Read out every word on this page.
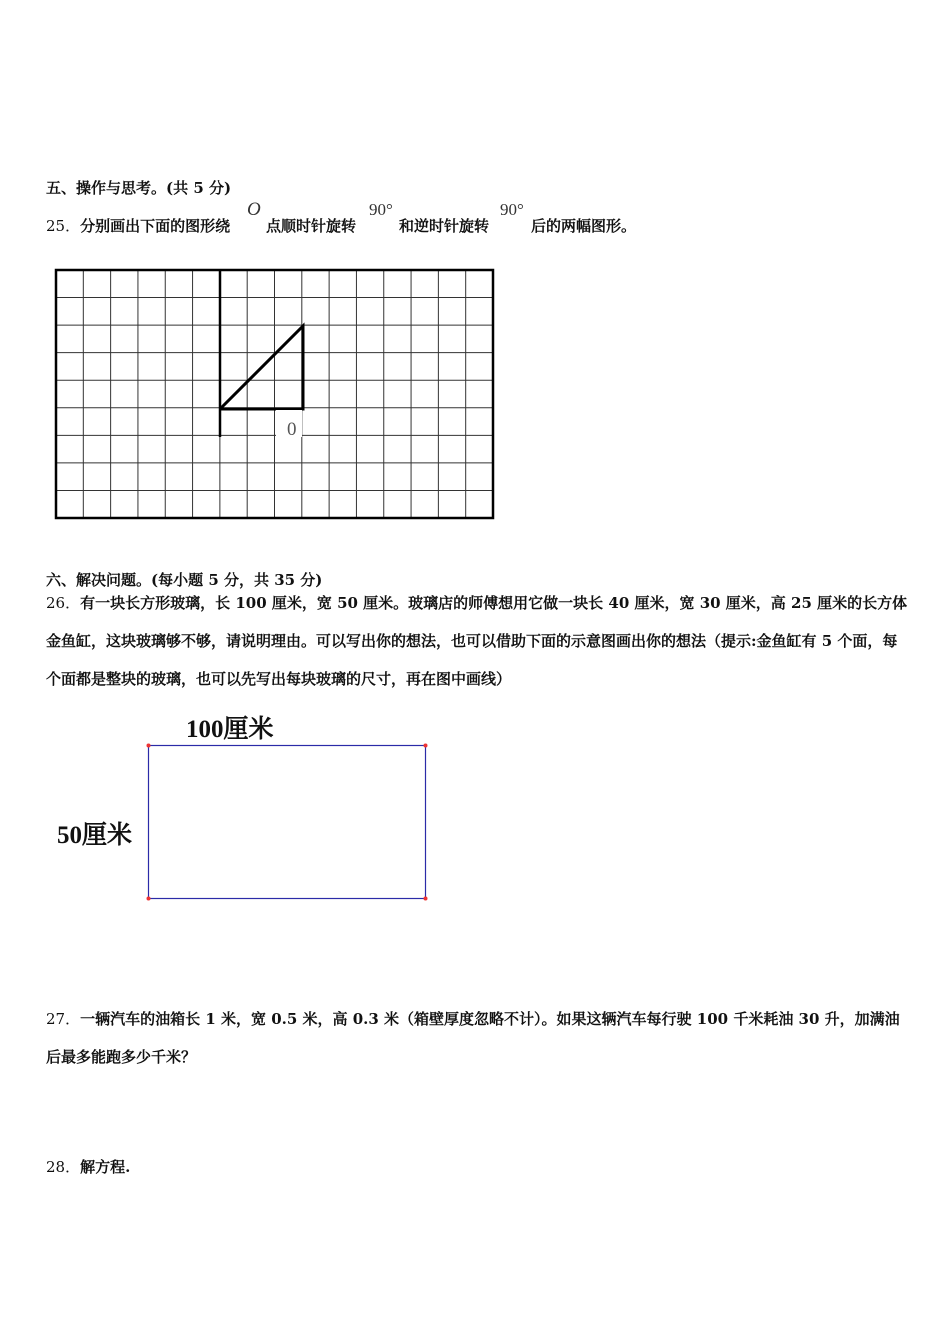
五、操作与思考。(共 5 分)
25．分别画出下面的图形绕
O
点顺时针旋转
90°
和逆时针旋转
90°
后的两幅图形。
0
六、解决问题。(每小题 5 分，共 35 分)
26．有一块长方形玻璃，长 100 厘米，宽 50 厘米。玻璃店的师傅想用它做一块长 40 厘米，宽 30 厘米，高 25 厘米的长方体金鱼缸，这块玻璃够不够，请说明理由。可以写出你的想法，也可以借助下面的示意图画出你的想法（提示:金鱼缸有 5 个面，每个面都是整块的玻璃，也可以先写出每块玻璃的尺寸，再在图中画线）
100厘米
50厘米
27．一辆汽车的油箱长 1 米，宽 0.5 米，高 0.3 米（箱壁厚度忽略不计）。如果这辆汽车每行驶 100 千米耗油 30 升，加满油后最多能跑多少千米？
28．解方程.
